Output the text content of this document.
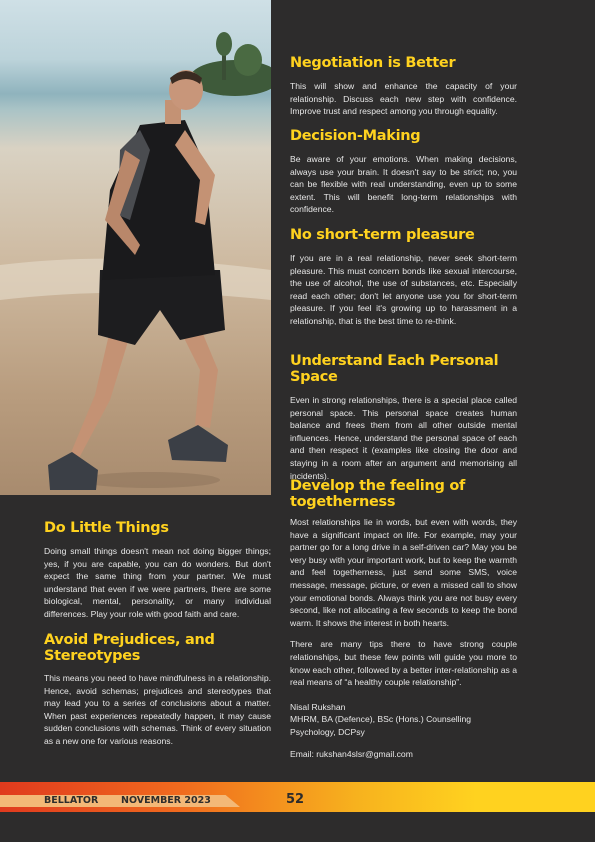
Negotiation is Better

This will show and enhance the capacity of your relationship. Discuss each new step with confidence. Improve trust and respect among you through equality.

Decision-Making

Be aware of your emotions. When making decisions, always use your brain. It doesn't say to be strict; no, you can be flexible with real understanding, even up to some extent. This will benefit long-term relationships with confidence.

No short-term pleasure

If you are in a real relationship, never seek short-term pleasure. This must concern bonds like sexual intercourse, the use of alcohol, the use of substances, etc. Especially read each other; don't let anyone use you for short-term pleasure. If you feel it's growing up to harassment in a relationship, that is the best time to re-think.

Understand Each Personal Space

Even in strong relationships, there is a special place called personal space. This personal space creates human balance and frees them from all other outside mental influences. Hence, understand the personal space of each and then respect it (examples like closing the door and staying in a room after an argument and memorising all incidents).

Develop the feeling of togetherness

Most relationships lie in words, but even with words, they have a significant impact on life. For example, may your partner go for a long drive in a self-driven car? May you be very busy with your important work, but to keep the warmth and feel togetherness, just send some SMS, voice message, message, picture, or even a missed call to show your emotional bonds. Always think you are not busy every second, like not allocating a few seconds to keep the bond warm. It shows the interest in both hearts.

There are many tips there to have strong couple relationships, but these few points will guide you more to know each other, followed by a better inter-relationship as a real means of “a healthy couple relationship”.

Nisal Rukshan

MHRM, BA (Defence), BSc (Hons.) Counselling Psychology, DCPsy

Email: rukshan4slsr@gmail.com

Do Little Things

Doing small things doesn't mean not doing bigger things; yes, if you are capable, you can do wonders. But don't expect the same thing from your partner. We must understand that even if we were partners, there are some biological, mental, personality, or many individual differences. Play your role with good faith and care.

Avoid Prejudices, and Stereotypes

This means you need to have mindfulness in a relationship. Hence, avoid schemas; prejudices and stereotypes that may lead you to a series of conclusions about a matter. When past experiences repeatedly happen, it may cause sudden conclusions with schemas. Think of every situation as a new one for various reasons.

BELLATOR NOVEMBER 2023	52
